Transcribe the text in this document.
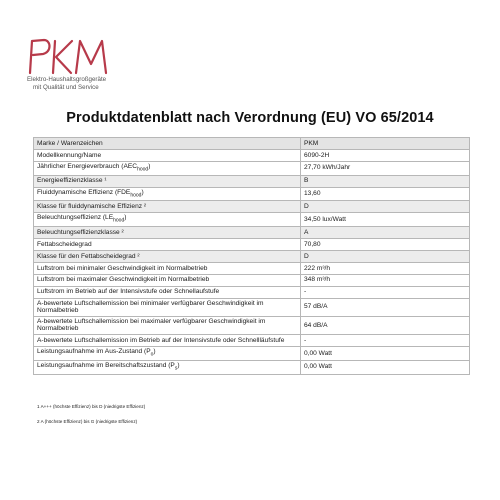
Elektro-Haushaltsgroßgeräte
mit Qualität und Service
Produktdatenblatt nach Verordnung (EU) VO 65/2014
Marke / Warenzeichen	PKM
Modellkennung/Name	6090-2H
Jährlicher Energieverbrauch $(AEC_{hood})$	27,70 kWh/Jahr
Energieeffizienzklasse ¹	B
Fluiddynamische Effizienz $(FDE_{hood})$	13,60
Klasse für fluiddynamische Effizienz ²	D
Beleuchtungseffizienz $(LE_{hood})$	34,50 lux/Watt
Beleuchtungseffizienzklasse ²	A
Fettabscheidegrad	70,80
Klasse für den Fettabscheidegrad ²	D
Luftstrom bei minimaler Geschwindigkeit im Normalbetrieb	222 m³/h
Luftstrom bei maximaler Geschwindigkeit im Normalbetrieb	348 m³/h
Luftstrom im Betrieb auf der Intensivstufe oder Schnellaufstufe	-
A-bewertete Luftschallemission bei minimaler verfügbarer Geschwindigkeit im Normalbetrieb	57 dB/A
A-bewertete Luftschallemission bei maximaler verfügbarer Geschwindigkeit im Normalbetrieb	64 dB/A
A-bewertete Luftschallemission im Betrieb auf der Intensivstufe oder Schnellläufstufe	-
Leistungsaufnahme im Aus-Zustand $(P_o)$	0,00 Watt
Leistungsaufnahme im Bereitschaftszustand $(P_s)$	0,00 Watt
1 A+++ (höchste Effizienz) bis D (niedrigste Effizienz)
2 A (höchste Effizienz) bis G (niedrigste Effizienz)
